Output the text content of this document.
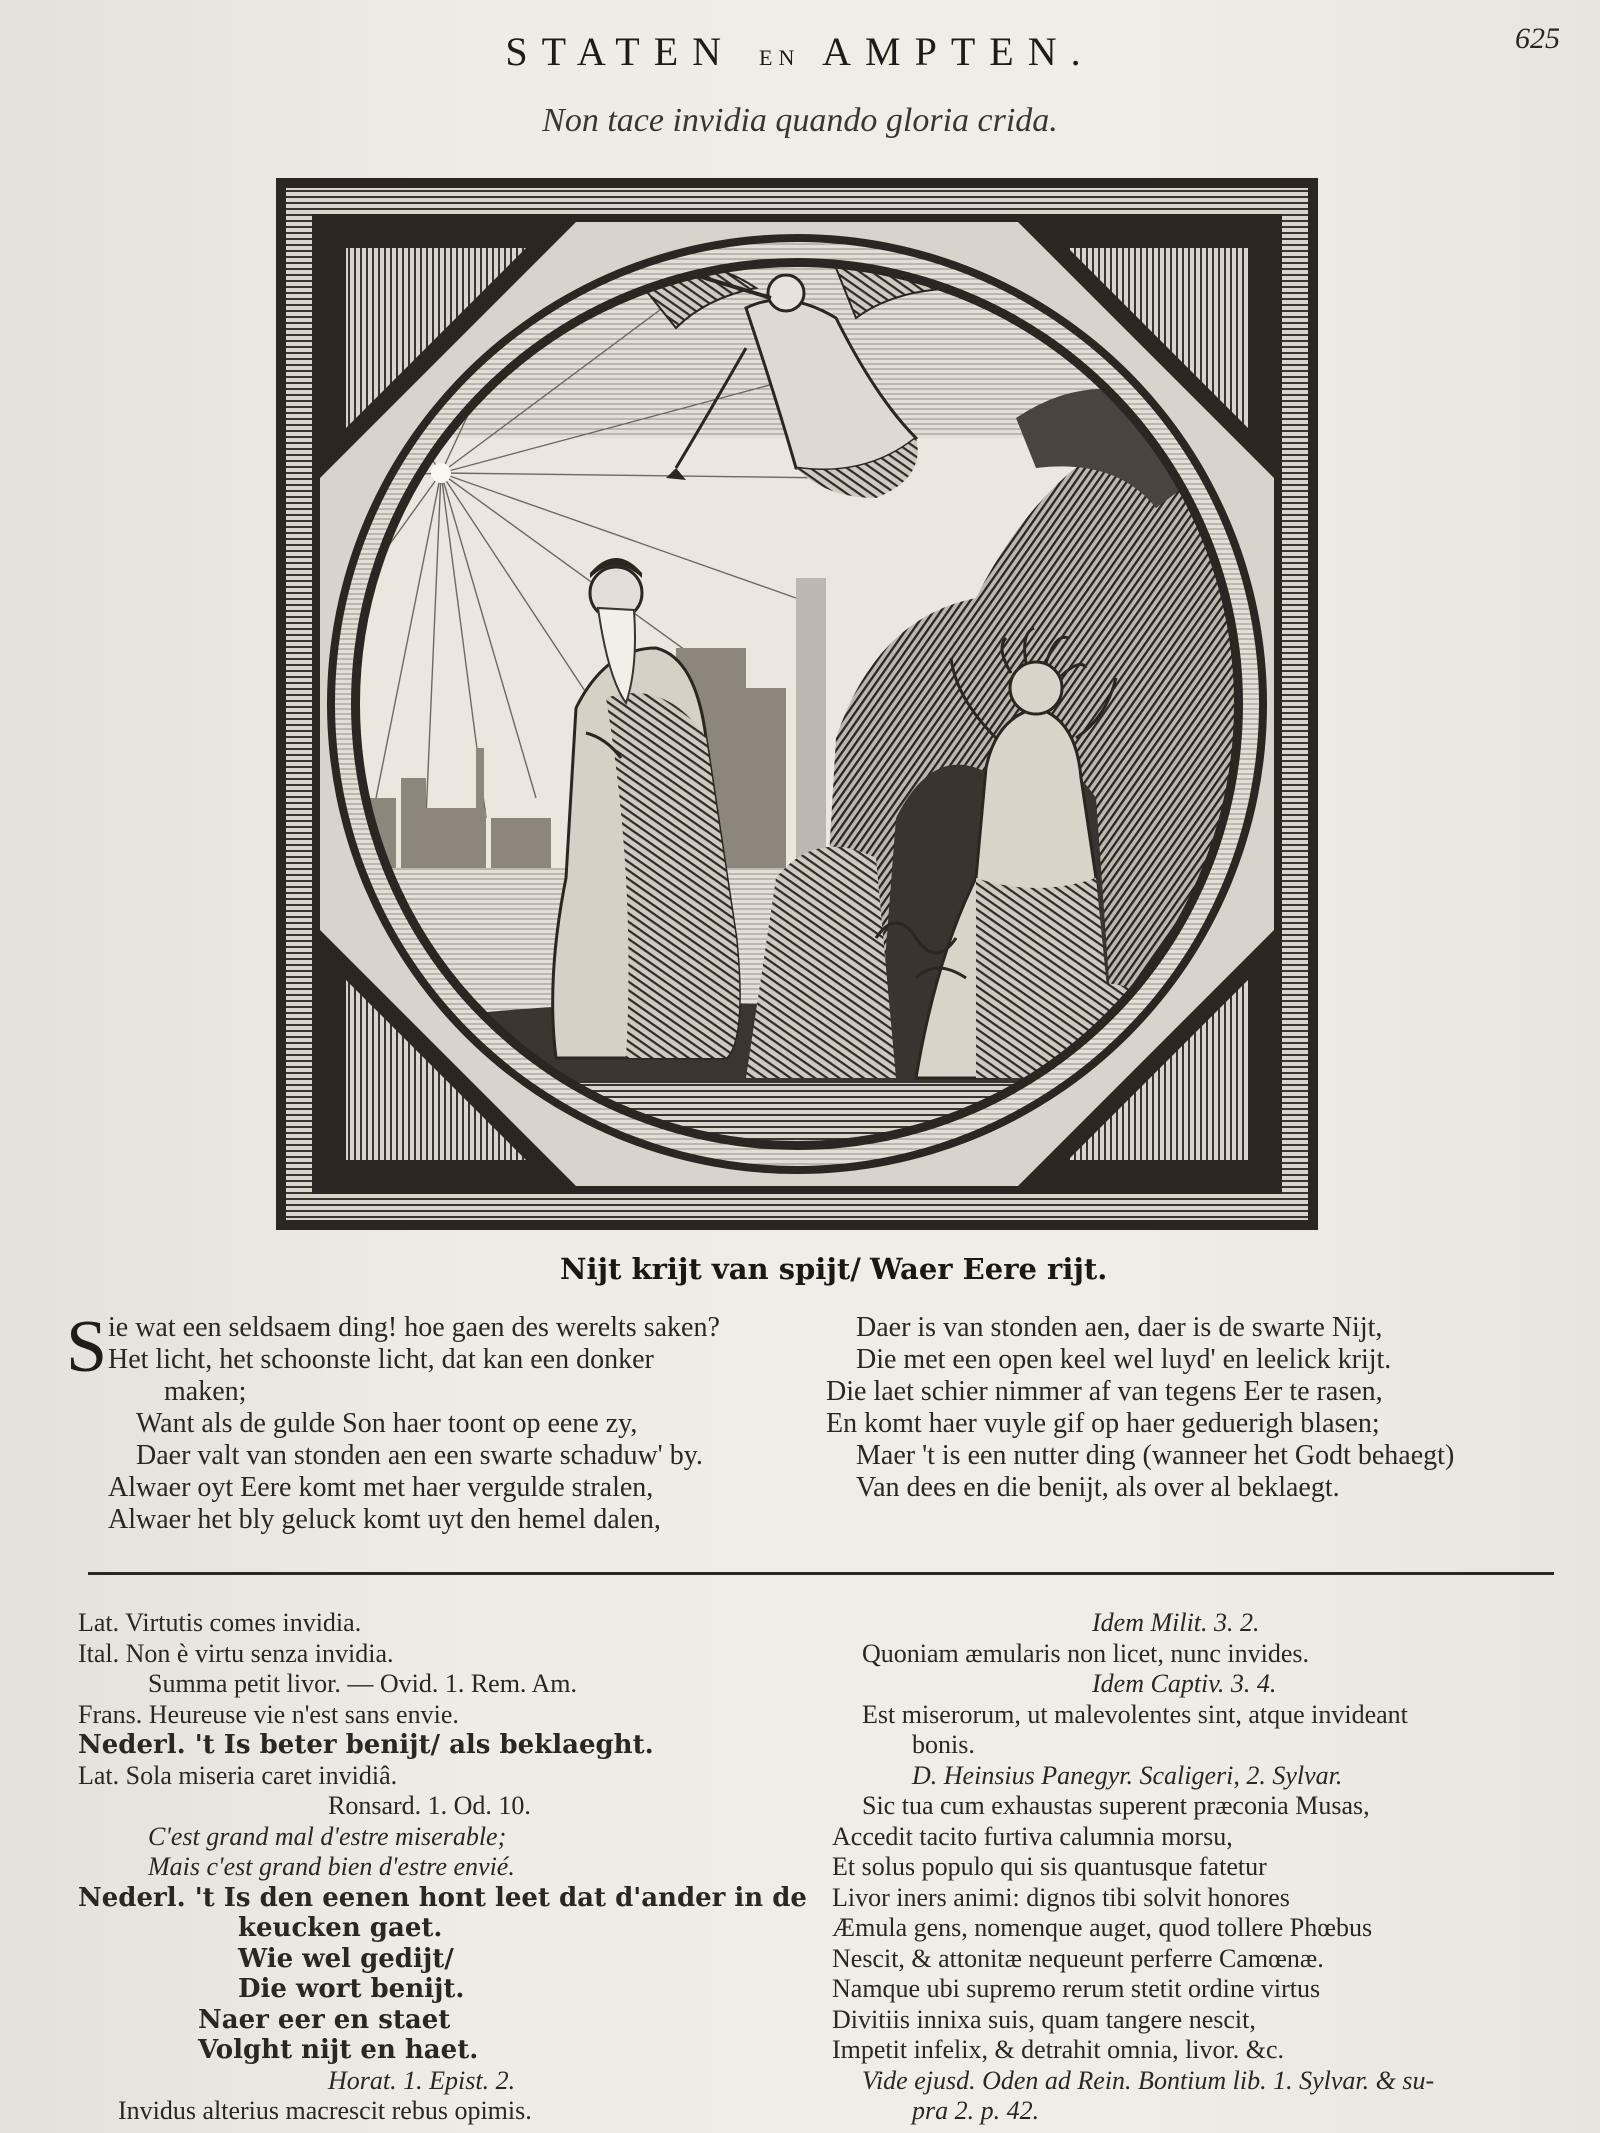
STATEN EN AMPTEN.	625
Non tace invidia quando gloria crida.
Nijt krijt van spijt/ Waer Eere rijt.
S ie wat een seldsaem ding! hoe gaen des werelts saken?
Het licht, het schoonste licht, dat kan een donker
maken;
Want als de gulde Son haer toont op eene zy,
Daer valt van stonden aen een swarte schaduw' by.
Alwaer oyt Eere komt met haer vergulde stralen,
Alwaer het bly geluck komt uyt den hemel dalen,
Daer is van stonden aen, daer is de swarte Nijt,
Die met een open keel wel luyd' en leelick krijt.
Die laet schier nimmer af van tegens Eer te rasen,
En komt haer vuyle gif op haer geduerigh blasen;
Maer 't is een nutter ding (wanneer het Godt behaegt)
Van dees en die benijt, als over al beklaegt.
Lat. Virtutis comes invidia.
Ital. Non è virtu senza invidia.
Summa petit livor. — Ovid. 1. Rem. Am.
Frans. Heureuse vie n'est sans envie.
Nederl. 't Is beter benijt/ als beklaeght.
Lat. Sola miseria caret invidiâ.
Ronsard. 1. Od. 10.
C'est grand mal d'estre miserable;
Mais c'est grand bien d'estre envié.
Nederl. 't Is den eenen hont leet dat d'ander in de
keucken gaet.
Wie wel gedijt/
Die wort benijt.
Naer eer en staet
Volght nijt en haet.
Horat. 1. Epist. 2.
Invidus alterius macrescit rebus opimis.
Idem Milit. 3. 2.
Quoniam æmularis non licet, nunc invides.
Idem Captiv. 3. 4.
Est miserorum, ut malevolentes sint, atque invideant
bonis.
D. Heinsius Panegyr. Scaligeri, 2. Sylvar.
Sic tua cum exhaustas superent præconia Musas,
Accedit tacito furtiva calumnia morsu,
Et solus populo qui sis quantusque fatetur
Livor iners animi: dignos tibi solvit honores
Æmula gens, nomenque auget, quod tollere Phœbus
Nescit, & attonitæ nequeunt perferre Camœnæ.
Namque ubi supremo rerum stetit ordine virtus
Divitiis innixa suis, quam tangere nescit,
Impetit infelix, & detrahit omnia, livor. &c.
Vide ejusd. Oden ad Rein. Bontium lib. 1. Sylvar. & su-
pra 2. p. 42.
